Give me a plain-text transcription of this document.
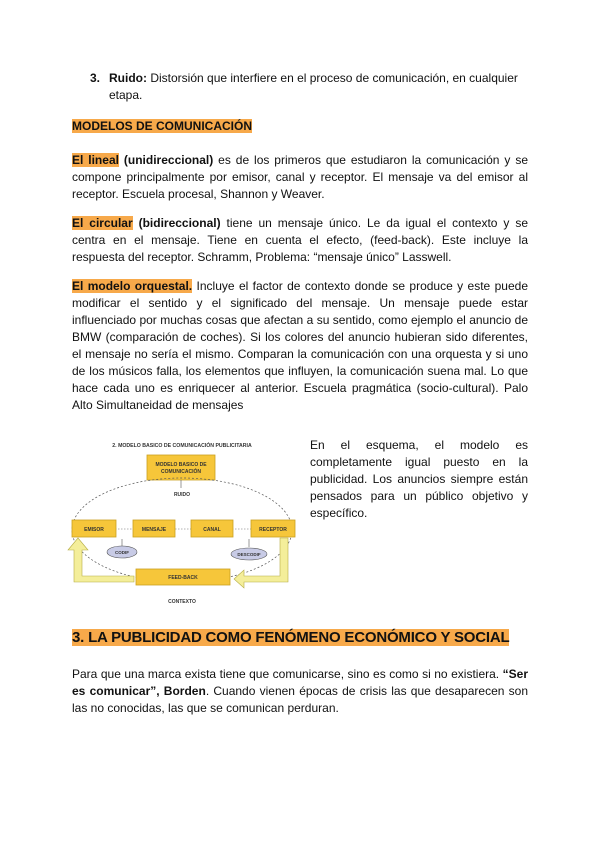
3. Ruido: Distorsión que interfiere en el proceso de comunicación, en cualquier etapa.
MODELOS DE COMUNICACIÓN

El lineal (unidireccional) es de los primeros que estudiaron la comunicación y se compone principalmente por emisor, canal y receptor. El mensaje va del emisor al receptor. Escuela procesal, Shannon y Weaver.

El circular (bidireccional) tiene un mensaje único. Le da igual el contexto y se centra en el mensaje. Tiene en cuenta el efecto, (feed-back). Este incluye la respuesta del receptor. Schramm, Problema: “mensaje único” Lasswell.

El modelo orquestal. Incluye el factor de contexto donde se produce y este puede modificar el sentido y el significado del mensaje. Un mensaje puede estar influenciado por muchas cosas que afectan a su sentido, como ejemplo el anuncio de BMW (comparación de coches). Si los colores del anuncio hubieran sido diferentes, el mensaje no sería el mismo. Comparan la comunicación con una orquesta y si uno de los músicos falla, los elementos que influyen, la comunicación suena mal. Lo que hace cada uno es enriquecer al anterior. Escuela pragmática (socio-cultural). Palo Alto Simultaneidad de mensajes

2. MODELO BASICO DE COMUNICACIÓN PUBLICITARIA
MODELO BASICO DE
COMUNICACIÓN
RUIDO
EMISOR	MENSAJE	CANAL	RECEPTOR
CODIF	DESCODIF
FEED-BACK
CONTEXTO
En el esquema, el modelo es completamente igual puesto en la publicidad. Los anuncios siempre están pensados para un público objetivo y específico.
3. LA PUBLICIDAD COMO FENÓMENO ECONÓMICO Y SOCIAL

Para que una marca exista tiene que comunicarse, sino es como si no existiera. “Ser es comunicar”, Borden. Cuando vienen épocas de crisis las que desaparecen son las no conocidas, las que se comunican perduran.
